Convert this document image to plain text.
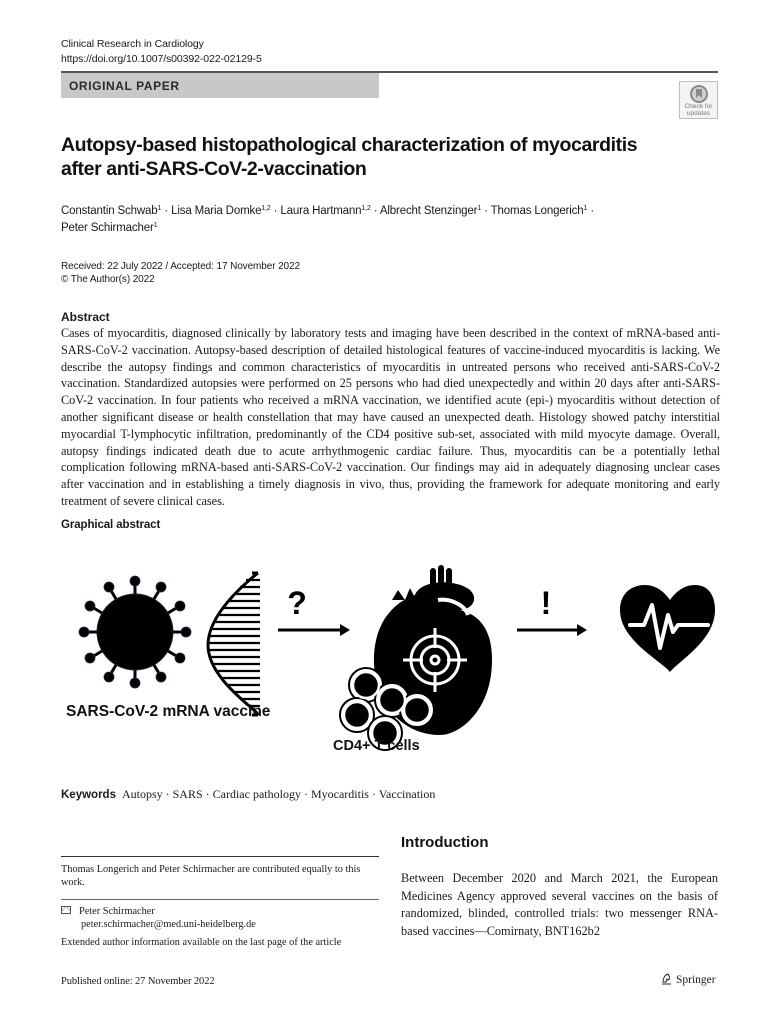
Clinical Research in Cardiology
https://doi.org/10.1007/s00392-022-02129-5
ORIGINAL PAPER
Check for updates
Autopsy-based histopathological characterization of myocarditis
after anti-SARS-CoV-2-vaccination
Constantin Schwab$^1$ · Lisa Maria Domke$^{1,2}$ · Laura Hartmann$^{1,2}$ · Albrecht Stenzinger$^1$ · Thomas Longerich$^1$ ·
Peter Schirmacher$^1$
Received: 22 July 2022 / Accepted: 17 November 2022
© The Author(s) 2022
Abstract

Cases of myocarditis, diagnosed clinically by laboratory tests and imaging have been described in the context of mRNA-based anti-SARS-CoV-2 vaccination. Autopsy-based description of detailed histological features of vaccine-induced myocarditis is lacking. We describe the autopsy findings and common characteristics of myocarditis in untreated persons who received anti-SARS-CoV-2 vaccination. Standardized autopsies were performed on 25 persons who had died unexpectedly and within 20 days after anti-SARS-CoV-2 vaccination. In four patients who received a mRNA vaccination, we identified acute (epi-) myocarditis without detection of another significant disease or health constellation that may have caused an unexpected death. Histology showed patchy interstitial myocardial T-lymphocytic infiltration, predominantly of the CD4 positive sub-set, associated with mild myocyte damage. Overall, autopsy findings indicated death due to acute arrhythmogenic cardiac failure. Thus, myocarditis can be a potentially lethal complication following mRNA-based anti-SARS-CoV-2 vaccination. Our findings may aid in adequately diagnosing unclear cases after vaccination and in establishing a timely diagnosis in vivo, thus, providing the framework for adequate monitoring and early treatment of severe clinical cases.

Graphical abstract
?	!
SARS-CoV-2 mRNA vaccine
CD4+ T cells
Keywords Autopsy · SARS · Cardiac pathology · Myocarditis · Vaccination
Thomas Longerich and Peter Schirmacher are contributed equally to this work.
Peter Schirmacher
peter.schirmacher@med.uni-heidelberg.de
Extended author information available on the last page of the article
Introduction

Between December 2020 and March 2021, the European Medicines Agency approved several vaccines on the basis of randomized, blinded, controlled trials: two messenger RNA-based vaccines—Comirnaty, BNT162b2

Published online: 27 November 2022	Springer
